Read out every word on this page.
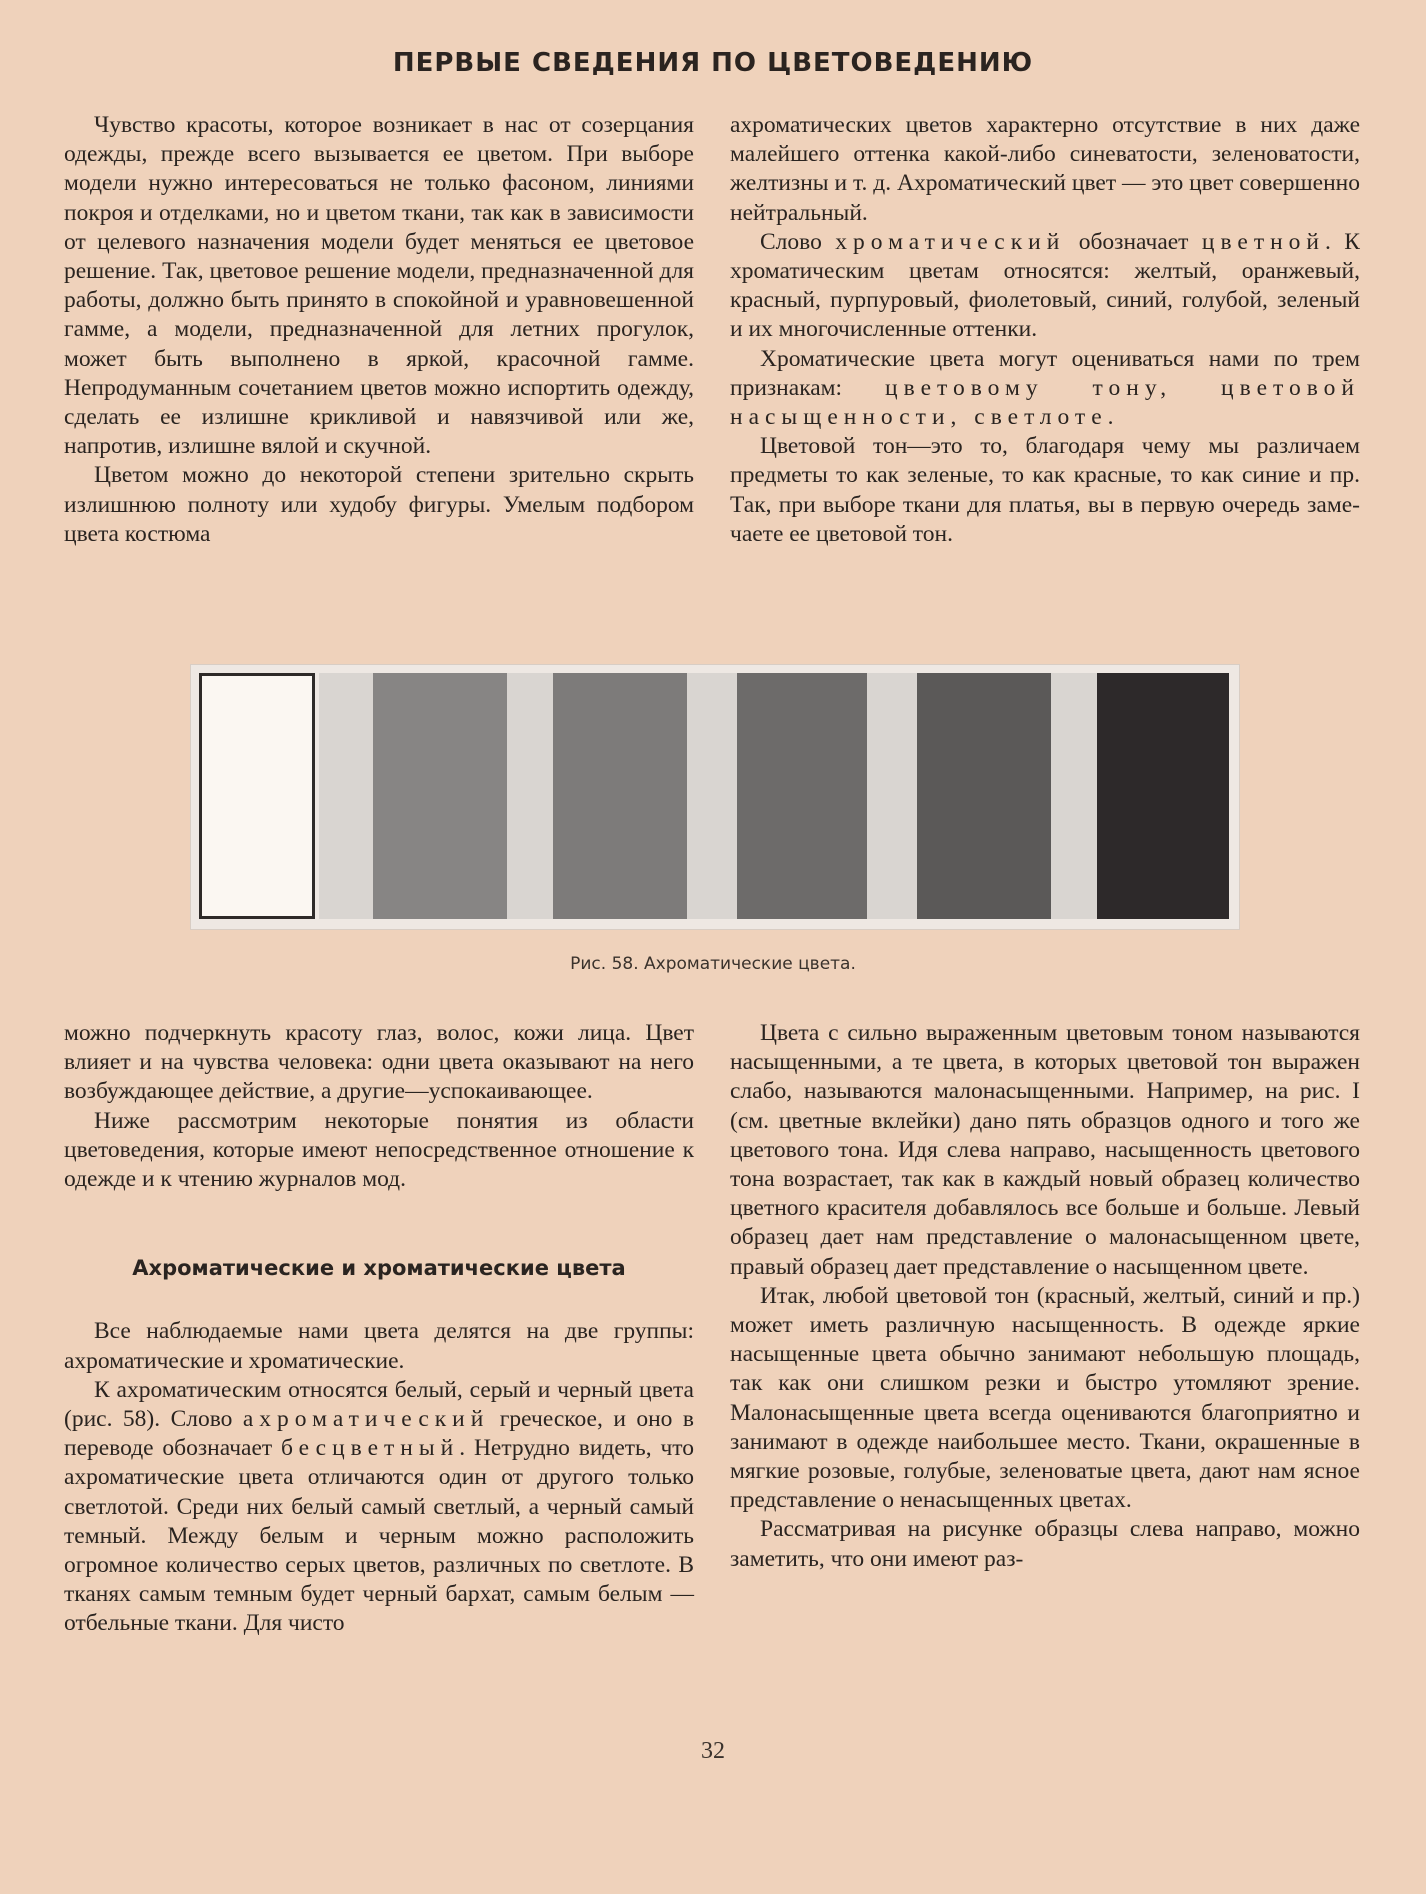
ПЕРВЫЕ СВЕДЕНИЯ ПО ЦВЕТОВЕДЕНИЮ

Чувство красоты, которое возникает в нас от созерцания одежды, прежде всего вызывается ее цветом. При выборе модели нужно интересоваться не только фасоном, линиями покроя и отделками, но и цветом ткани, так как в зависимости от целевого назначения модели будет меняться ее цветовое решение. Так, цветовое решение модели, предназначенной для работы, должно быть принято в спокойной и уравновешенной гамме, а модели, предназначенной для летних прогулок, может быть выполнено в яркой, красочной гамме. Непродуманным сочетанием цветов можно испортить одежду, сделать ее излишне крикливой и навязчивой или же, напротив, излишне вялой и скучной.

Цветом можно до некоторой степени зрительно скрыть излишнюю полноту или худобу фигуры. Умелым подбором цвета костюма

ахроматических цветов характерно отсутствие в них даже малейшего оттенка какой-либо синеватости, зеленоватости, желтизны и т. д. Ахроматический цвет — это цвет совершенно нейтральный.

Слово хроматический обозначает цветной. К хроматическим цветам относятся: желтый, оранжевый, красный, пурпуровый, фиолетовый, синий, голубой, зеленый и их многочисленные оттенки.

Хроматические цвета могут оцениваться нами по трем признакам: цветовому тону, цветовой насыщенности, светлоте.

Цветовой тон—это то, благодаря чему мы различаем предметы то как зеленые, то как красные, то как синие и пр. Так, при выборе ткани для платья, вы в первую очередь замечаете ее цветовой тон.

Рис. 58. Ахроматические цвета.

можно подчеркнуть красоту глаз, волос, кожи лица. Цвет влияет и на чувства человека: одни цвета оказывают на него возбуждающее действие, а другие—успокаивающее.

Ниже рассмотрим некоторые понятия из области цветоведения, которые имеют непосредственное отношение к одежде и к чтению журналов мод.

Ахроматические и хроматические цвета

Все наблюдаемые нами цвета делятся на две группы: ахроматические и хроматические.

К ахроматическим относятся белый, серый и черный цвета (рис. 58). Слово ахроматический греческое, и оно в переводе обозначает бесцветный. Нетрудно видеть, что ахроматические цвета отличаются один от другого только светлотой. Среди них белый самый светлый, а черный самый темный. Между белым и черным можно расположить огромное количество серых цветов, различных по светлоте. В тканях самым темным будет черный бархат, самым белым — отбельные ткани. Для чисто

Цвета с сильно выраженным цветовым тоном называются насыщенными, а те цвета, в которых цветовой тон выражен слабо, называются малонасыщенными. Например, на рис. I (см. цветные вклейки) дано пять образцов одного и того же цветового тона. Идя слева направо, насыщенность цветового тона возрастает, так как в каждый новый образец количество цветного красителя добавлялось все больше и больше. Левый образец дает нам представление о малонасыщенном цвете, правый образец дает представление о насыщенном цвете.

Итак, любой цветовой тон (красный, желтый, синий и пр.) может иметь различную насыщенность. В одежде яркие насыщенные цвета обычно занимают небольшую площадь, так как они слишком резки и быстро утомляют зрение. Малонасыщенные цвета всегда оцениваются благоприятно и занимают в одежде наибольшее место. Ткани, окрашенные в мягкие розовые, голубые, зеленоватые цвета, дают нам ясное представление о ненасыщенных цветах.

Рассматривая на рисунке образцы слева направо, можно заметить, что они имеют раз-

32
